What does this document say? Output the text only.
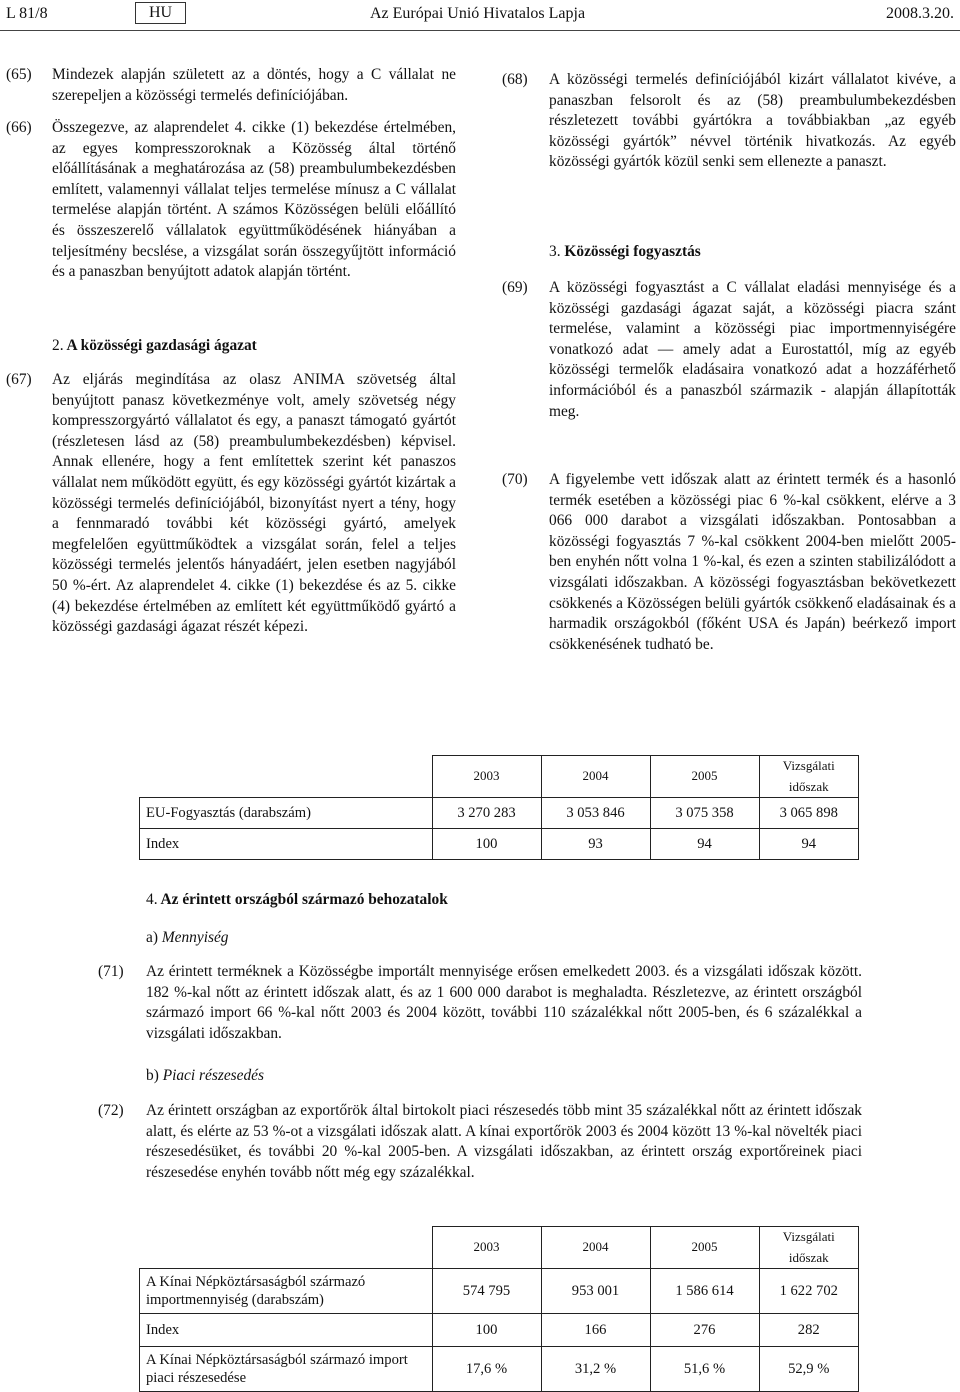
L 81/8	HU	Az Európai Unió Hivatalos Lapja	2008.3.20.
(65) Mindezek alapján született az a döntés, hogy a C vállalat ne szerepeljen a közösségi termelés definíciójában.
(66) Összegezve, az alaprendelet 4. cikke (1) bekezdése értelmében, az egyes kompresszoroknak a Közösség által történő előállításának a meghatározása az (58) preambulumbekezdésben említett, valamennyi vállalat teljes termelése mínusz a C vállalat termelése alapján történt. A számos Közösségen belüli előállító és összeszerelő vállalatok együttműködésének hiányában a teljesítmény becslése, a vizsgálat során összegyűjtött információ és a panaszban benyújtott adatok alapján történt.
2. A közösségi gazdasági ágazat
(67) Az eljárás megindítása az olasz ANIMA szövetség által benyújtott panasz következménye volt, amely szövetség négy kompresszorgyártó vállalatot és egy, a panaszt támogató gyártót (részletesen lásd az (58) preambulumbekezdésben) képvisel. Annak ellenére, hogy a fent említettek szerint két panaszos vállalat nem működött együtt, és egy közösségi gyártót kizártak a közösségi termelés definíciójából, bizonyítást nyert a tény, hogy a fennmaradó további két közösségi gyártó, amelyek megfelelően együttműködtek a vizsgálat során, felel a teljes közösségi termelés jelentős hányadáért, jelen esetben nagyjából 50 %-ért. Az alaprendelet 4. cikke (1) bekezdése és az 5. cikke (4) bekezdése értelmében az említett két együttműködő gyártó a közösségi gazdasági ágazat részét képezi.
(68) A közösségi termelés definíciójából kizárt vállalatot kivéve, a panaszban felsorolt és az (58) preambulumbekezdésben részletezett további gyártókra a továbbiakban „az egyéb közösségi gyártók” névvel történik hivatkozás. Az egyéb közösségi gyártók közül senki sem ellenezte a panaszt.
3. Közösségi fogyasztás
(69) A közösségi fogyasztást a C vállalat eladási mennyisége és a közösségi gazdasági ágazat saját, a közösségi piacra szánt termelése, valamint a közösségi piac importmennyiségére vonatkozó adat — amely adat a Eurostattól, míg az egyéb közösségi termelők eladásaira vonatkozó adat a hozzáférhető információból és a panaszból származik - alapján állapították meg.
(70) A figyelembe vett időszak alatt az érintett termék és a hasonló termék esetében a közösségi piac 6 %-kal csökkent, elérve a 3 066 000 darabot a vizsgálati időszakban. Pontosabban a közösségi fogyasztás 7 %-kal csökkent 2004-ben mielőtt 2005-ben enyhén nőtt volna 1 %-kal, és ezen a szinten stabilizálódott a vizsgálati időszakban. A közösségi fogyasztásban bekövetkezett csökkenés a Közösségen belüli gyártók csökkenő eladásainak és a harmadik országokból (főként USA és Japán) beérkező import csökkenésének tudható be.
	2003	2004	2005	Vizsgálati időszak
EU-Fogyasztás (darabszám)	3 270 283	3 053 846	3 075 358	3 065 898
Index	100	93	94	94
4. Az érintett országból származó behozatalok
a) Mennyiség
(71) Az érintett terméknek a Közösségbe importált mennyisége erősen emelkedett 2003. és a vizsgálati időszak között. 182 %-kal nőtt az érintett időszak alatt, és az 1 600 000 darabot is meghaladta. Részletezve, az érintett országból származó import 66 %-kal nőtt 2003 és 2004 között, további 110 százalékkal nőtt 2005-ben, és 6 százalékkal a vizsgálati időszakban.
b) Piaci részesedés
(72) Az érintett országban az exportőrök által birtokolt piaci részesedés több mint 35 százalékkal nőtt az érintett időszak alatt, és elérte az 53 %-ot a vizsgálati időszak alatt. A kínai exportőrök 2003 és 2004 között 13 %-kal növelték piaci részesedésüket, és további 20 %-kal 2005-ben. A vizsgálati időszakban, az érintett ország exportőreinek piaci részesedése enyhén tovább nőtt még egy százalékkal.
	2003	2004	2005	Vizsgálati időszak
A Kínai Népköztársaságból származó importmennyiség (darabszám)	574 795	953 001	1 586 614	1 622 702
Index	100	166	276	282
A Kínai Népköztársaságból származó import piaci részesedése	17,6 %	31,2 %	51,6 %	52,9 %
